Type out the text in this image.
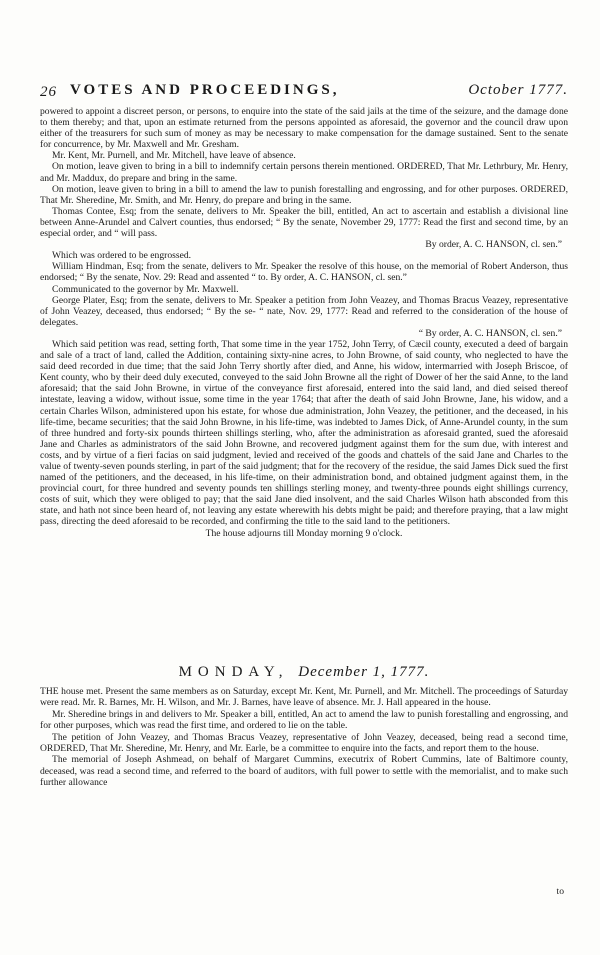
26 VOTES AND PROCEEDINGS,	October 1777.

powered to appoint a discreet person, or persons, to enquire into the state of the said jails at the time of the seizure, and the damage done to them thereby; and that, upon an estimate returned from the persons appointed as aforesaid, the governor and the council draw upon either of the treasurers for such sum of money as may be necessary to make compensation for the damage sustained. Sent to the senate for concurrence, by Mr. Maxwell and Mr. Gresham.

Mr. Kent, Mr. Purnell, and Mr. Mitchell, have leave of absence.

On motion, leave given to bring in a bill to indemnify certain persons therein mentioned. ORDERED, That Mr. Lethrbury, Mr. Henry, and Mr. Maddux, do prepare and bring in the same.

On motion, leave given to bring in a bill to amend the law to punish forestalling and engrossing, and for other purposes. ORDERED, That Mr. Sheredine, Mr. Smith, and Mr. Henry, do prepare and bring in the same.

Thomas Contee, Esq; from the senate, delivers to Mr. Speaker the bill, entitled, An act to ascertain and establish a divisional line between Anne-Arundel and Calvert counties, thus endorsed; “ By the senate, November 29, 1777: Read the first and second time, by an especial order, and “ will pass.

By order, A. C. HANSON, cl. sen.”

Which was ordered to be engrossed.

William Hindman, Esq; from the senate, delivers to Mr. Speaker the resolve of this house, on the memorial of Robert Anderson, thus endorsed; “ By the senate, Nov. 29: Read and assented “ to. By order, A. C. HANSON, cl. sen.”

Communicated to the governor by Mr. Maxwell.

George Plater, Esq; from the senate, delivers to Mr. Speaker a petition from John Veazey, and Thomas Bracus Veazey, representative of John Veazey, deceased, thus endorsed; “ By the se- “ nate, Nov. 29, 1777: Read and referred to the consideration of the house of delegates.

“ By order, A. C. HANSON, cl. sen.”

Which said petition was read, setting forth, That some time in the year 1752, John Terry, of Cæcil county, executed a deed of bargain and sale of a tract of land, called the Addition, containing sixty-nine acres, to John Browne, of said county, who neglected to have the said deed recorded in due time; that the said John Terry shortly after died, and Anne, his widow, intermarried with Joseph Briscoe, of Kent county, who by their deed duly executed, conveyed to the said John Browne all the right of Dower of her the said Anne, to the land aforesaid; that the said John Browne, in virtue of the conveyance first aforesaid, entered into the said land, and died seised thereof intestate, leaving a widow, without issue, some time in the year 1764; that after the death of said John Browne, Jane, his widow, and a certain Charles Wilson, administered upon his estate, for whose due administration, John Veazey, the petitioner, and the deceased, in his life-time, became securities; that the said John Browne, in his life-time, was indebted to James Dick, of Anne-Arundel county, in the sum of three hundred and forty-six pounds thirteen shillings sterling, who, after the administration as aforesaid granted, sued the aforesaid Jane and Charles as administrators of the said John Browne, and recovered judgment against them for the sum due, with interest and costs, and by virtue of a fieri facias on said judgment, levied and received of the goods and chattels of the said Jane and Charles to the value of twenty-seven pounds sterling, in part of the said judgment; that for the recovery of the residue, the said James Dick sued the first named of the petitioners, and the deceased, in his life-time, on their administration bond, and obtained judgment against them, in the provincial court, for three hundred and seventy pounds ten shillings sterling money, and twenty-three pounds eight shillings currency, costs of suit, which they were obliged to pay; that the said Jane died insolvent, and the said Charles Wilson hath absconded from this state, and hath not since been heard of, not leaving any estate wherewith his debts might be paid; and therefore praying, that a law might pass, directing the deed aforesaid to be recorded, and confirming the title to the said land to the petitioners.

The house adjourns till Monday morning 9 o'clock.

MONDAY, December 1, 1777.

THE house met. Present the same members as on Saturday, except Mr. Kent, Mr. Purnell, and Mr. Mitchell. The proceedings of Saturday were read. Mr. R. Barnes, Mr. H. Wilson, and Mr. J. Barnes, have leave of absence. Mr. J. Hall appeared in the house.

Mr. Sheredine brings in and delivers to Mr. Speaker a bill, entitled, An act to amend the law to punish forestalling and engrossing, and for other purposes, which was read the first time, and ordered to lie on the table.

The petition of John Veazey, and Thomas Bracus Veazey, representative of John Veazey, deceased, being read a second time, ORDERED, That Mr. Sheredine, Mr. Henry, and Mr. Earle, be a committee to enquire into the facts, and report them to the house.

The memorial of Joseph Ashmead, on behalf of Margaret Cummins, executrix of Robert Cummins, late of Baltimore county, deceased, was read a second time, and referred to the board of auditors, with full power to settle with the memorialist, and to make such further allowance

to
